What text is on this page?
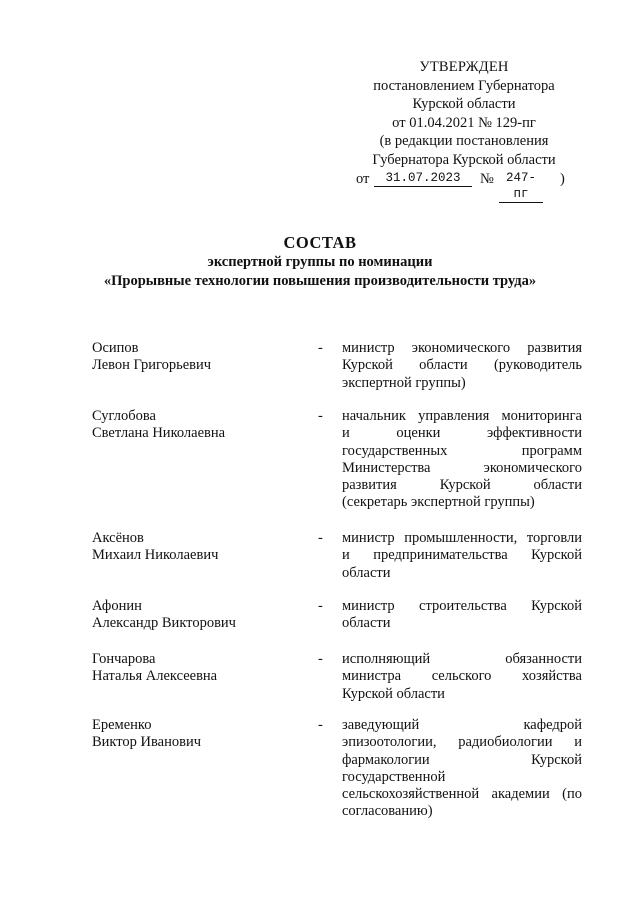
УТВЕРЖДЕН
постановлением Губернатора
Курской области
от 01.04.2021 № 129-пг
(в редакции постановления
Губернатора Курской области
от	31.07.2023	№ 247-пг
)
СОСТАВ
экспертной группы по номинации
«Прорывные технологии повышения производительности труда»
Осипов
Левон Григорьевич
- министр экономического развития
Курской области (руководитель
экспертной группы)
Суглобова
Светлана Николаевна
- начальник управления мониторинга
и оценки эффективности
государственных программ
Министерства экономического
развития Курской области
(секретарь экспертной группы)
Аксёнов
Михаил Николаевич
- министр промышленности, торговли
и предпринимательства Курской
области
Афонин
Александр Викторович
- министр строительства Курской
области
Гончарова
Наталья Алексеевна
- исполняющий обязанности
министра сельского хозяйства
Курской области
Еременко
Виктор Иванович
- заведующий кафедрой
эпизоотологии, радиобиологии и
фармакологии Курской
государственной
сельскохозяйственной академии (по
согласованию)
